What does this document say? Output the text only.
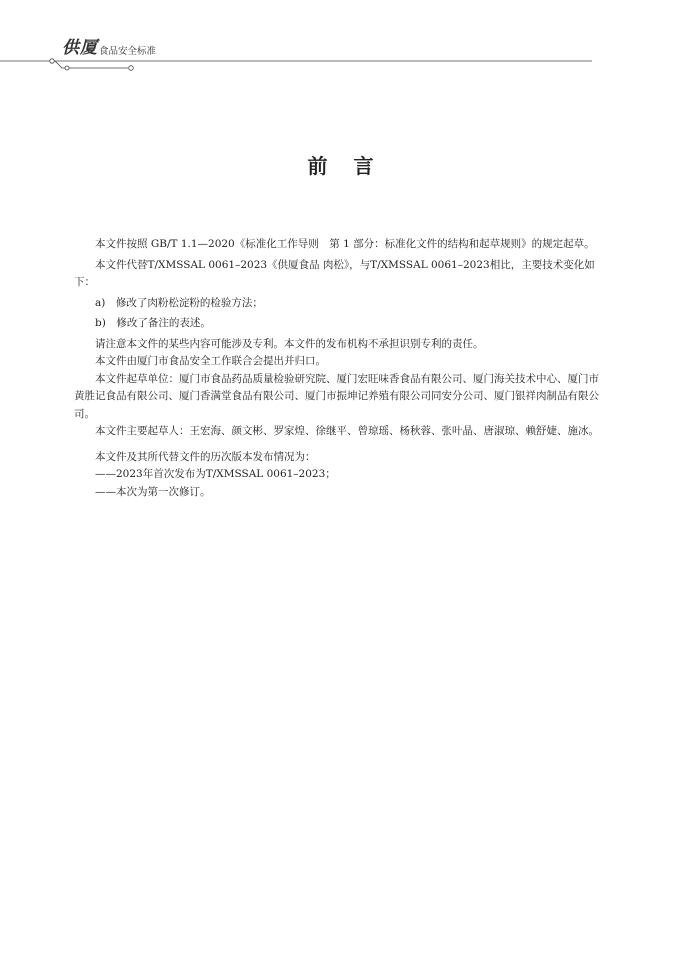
供厦 食品安全标准
前 言

本文件按照 GB/T 1.1—2020《标准化工作导则　第 1 部分：标准化文件的结构和起草规则》的规定起草。

本文件代替T/XMSSAL 0061–2023《供厦食品 肉松》，与T/XMSSAL 0061–2023相比，主要技术变化如下：

a)　修改了肉粉松淀粉的检验方法；

b)　修改了备注的表述。

请注意本文件的某些内容可能涉及专利。本文件的发布机构不承担识别专利的责任。

本文件由厦门市食品安全工作联合会提出并归口。

本文件起草单位：厦门市食品药品质量检验研究院、厦门宏旺味香食品有限公司、厦门海关技术中心、厦门市黄胜记食品有限公司、厦门香满堂食品有限公司、厦门市振坤记养殖有限公司同安分公司、厦门银祥肉制品有限公司。

本文件主要起草人：王宏海、颜文彬、罗家煌、徐继平、曾琼瑶、杨秋蓉、张叶晶、唐淑琼、赖舒婕、施冰。

本文件及其所代替文件的历次版本发布情况为：

——2023年首次发布为T/XMSSAL 0061–2023；

——本次为第一次修订。
